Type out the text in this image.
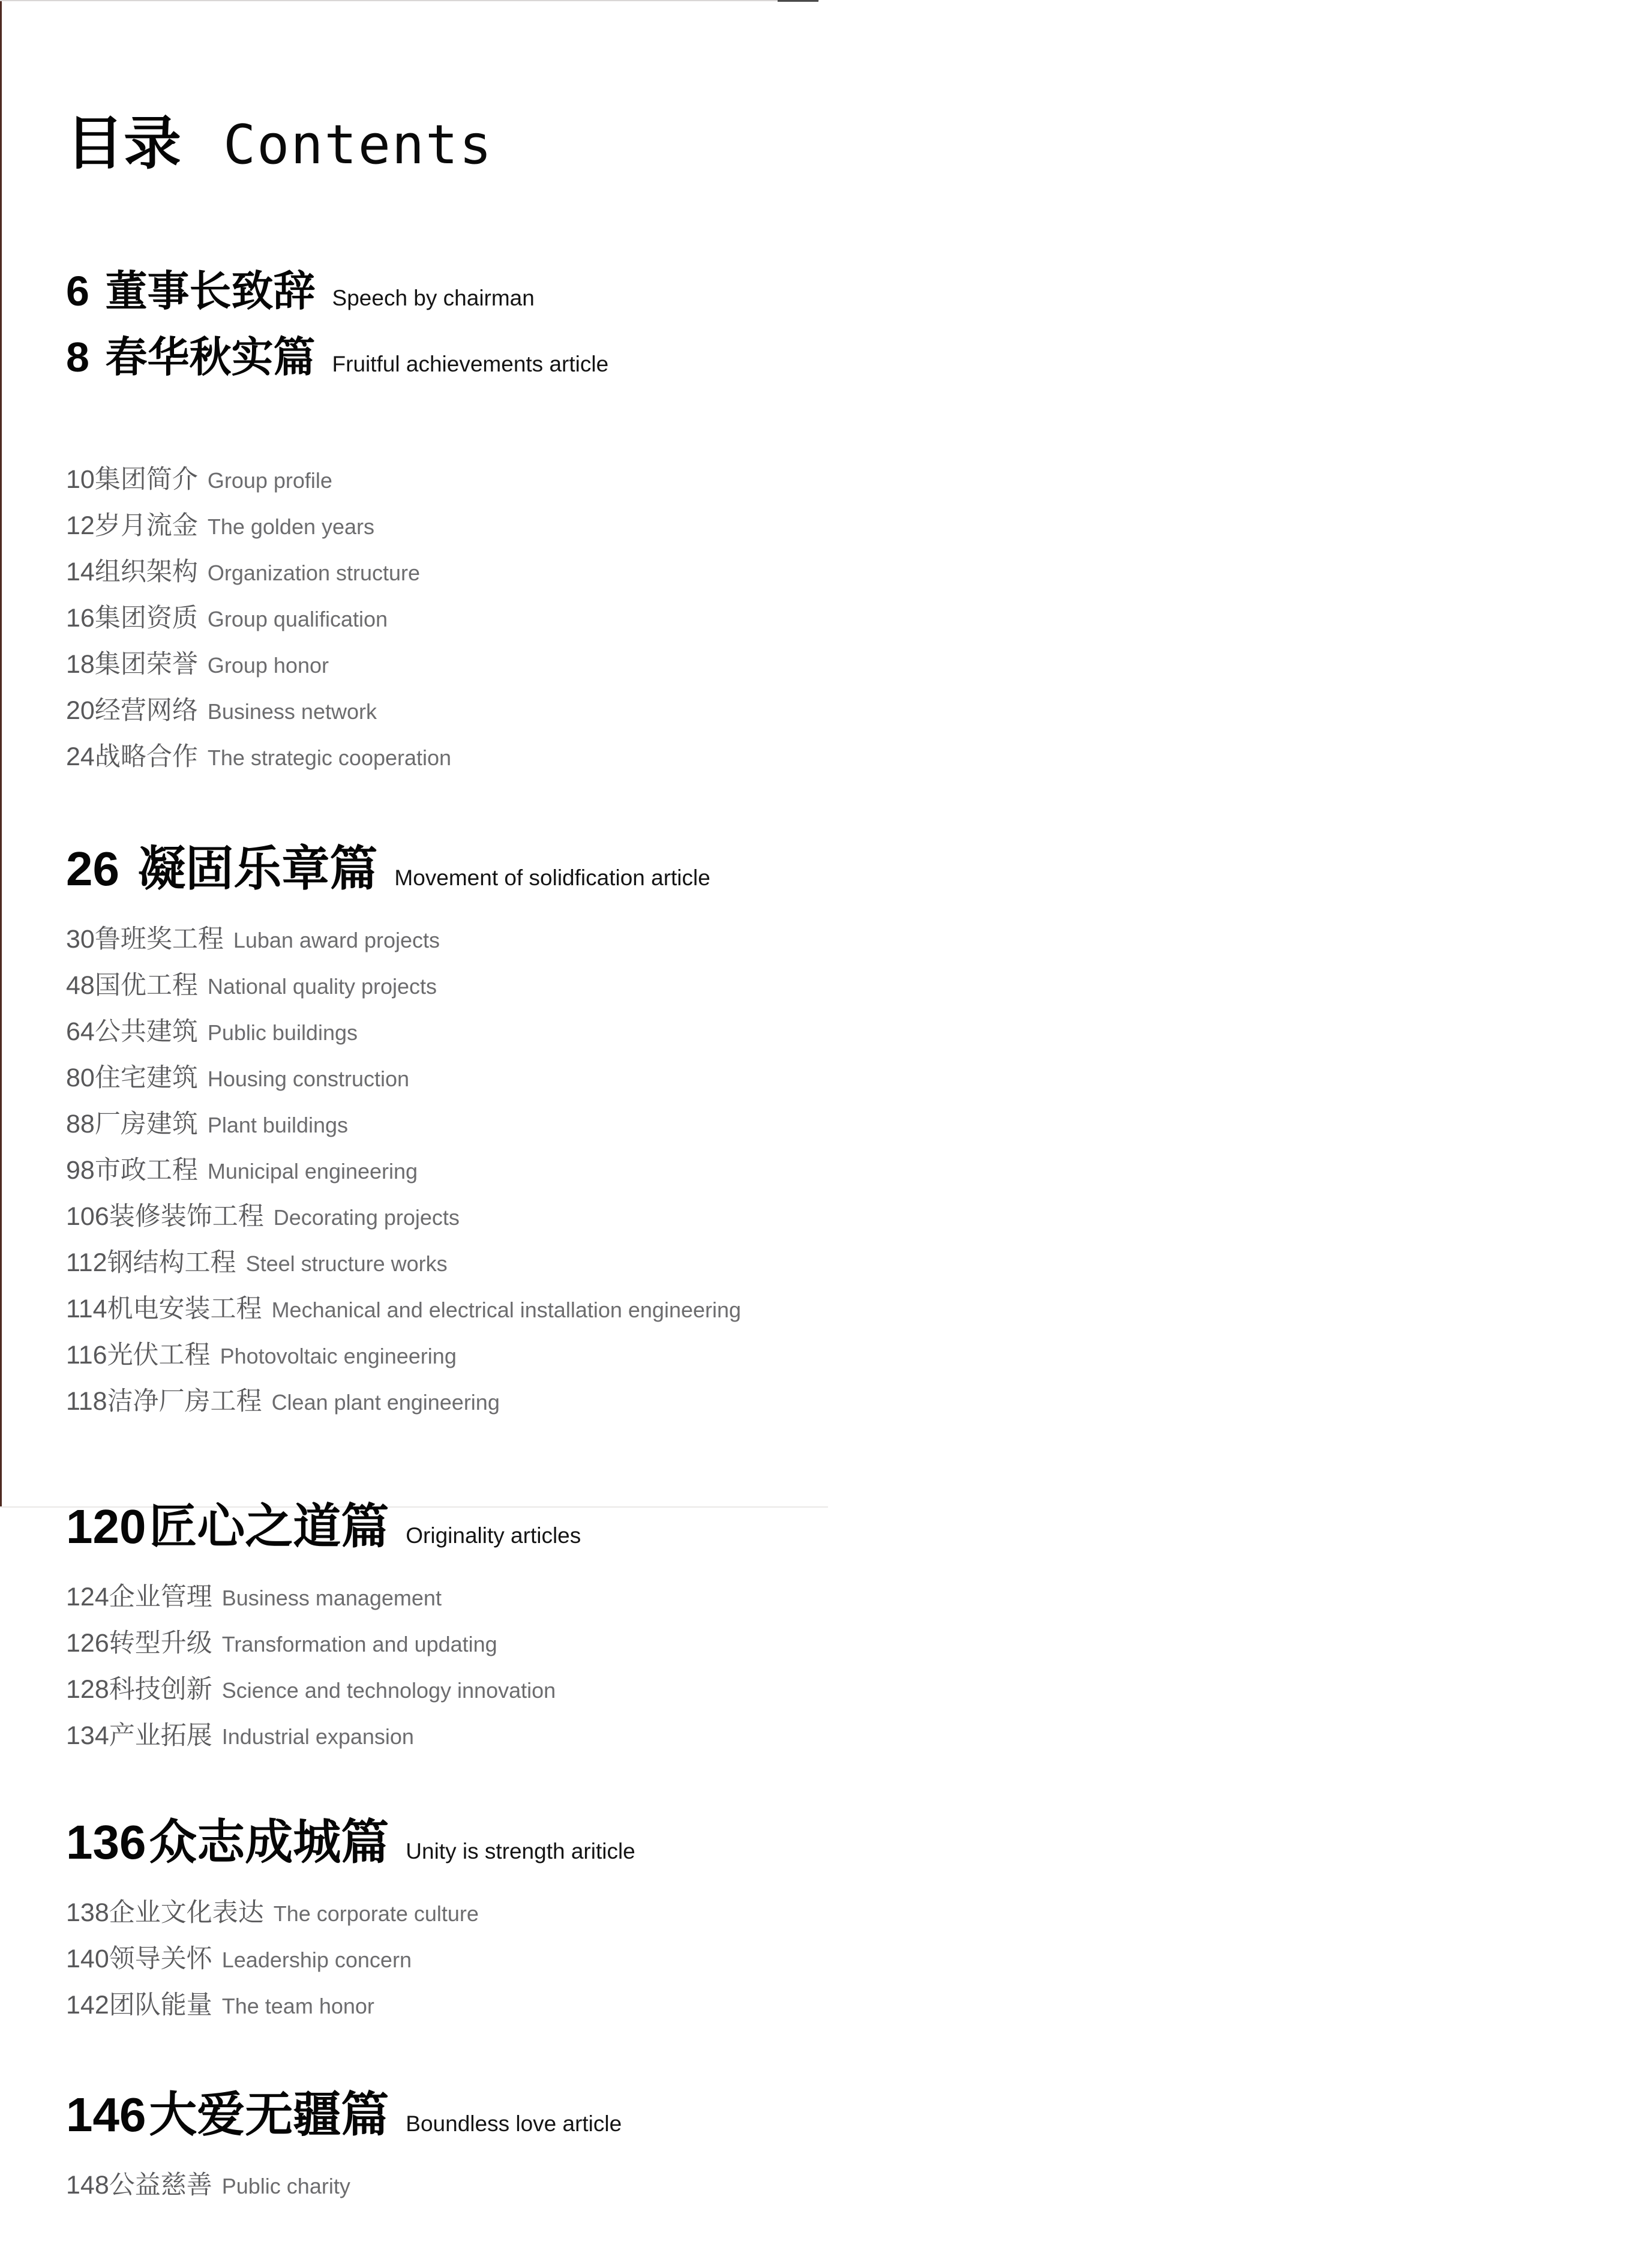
目录 Contents
6 董事长致辞 Speech by chairman
8 春华秋实篇 Fruitful achievements article
10集团简介 Group profile
12岁月流金 The golden years
14组织架构 Organization structure
16集团资质 Group qualification
18集团荣誉 Group honor
20经营网络 Business network
24战略合作 The strategic cooperation
26 凝固乐章篇 Movement of solidfication article
30鲁班奖工程 Luban award projects
48国优工程 National quality projects
64公共建筑 Public buildings
80住宅建筑 Housing construction
88厂房建筑 Plant buildings
98市政工程 Municipal engineering
106装修装饰工程 Decorating projects
112钢结构工程 Steel structure works
114机电安装工程 Mechanical and electrical installation engineering
116光伏工程 Photovoltaic engineering
118洁净厂房工程 Clean plant engineering
120匠心之道篇 Originality articles
124企业管理 Business management
126转型升级 Transformation and updating
128科技创新 Science and technology innovation
134产业拓展 Industrial expansion
136众志成城篇 Unity is strength ariticle
138企业文化表达 The corporate culture
140领导关怀 Leadership concern
142团队能量 The team honor
146大爱无疆篇 Boundless love article
148公益慈善 Public charity
